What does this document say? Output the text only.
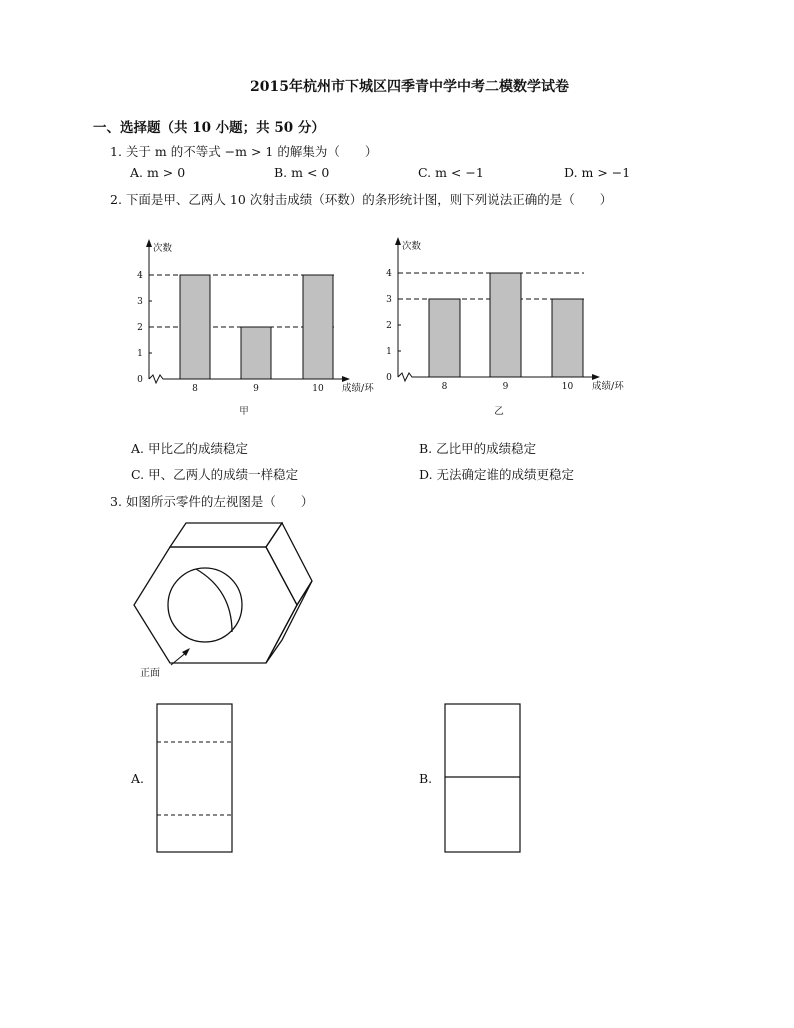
2015年杭州市下城区四季青中学中考二模数学试卷
一、选择题（共 10 小题；共 50 分）
1. 关于 m 的不等式 −m > 1 的解集为（　　）
A. m > 0	B. m < 0	C. m < −1	D. m > −1
2. 下面是甲、乙两人 10 次射击成绩（环数）的条形统计图，则下列说法正确的是（　　）
次数
成绩/环
0
1
2
3
4
8	9	10
甲
次数
成绩/环
0
1
2
3
4
8	9	10
乙
A. 甲比乙的成绩稳定	B. 乙比甲的成绩稳定
C. 甲、乙两人的成绩一样稳定	D. 无法确定谁的成绩更稳定
3. 如图所示零件的左视图是（　　）
正面
A.	B.
